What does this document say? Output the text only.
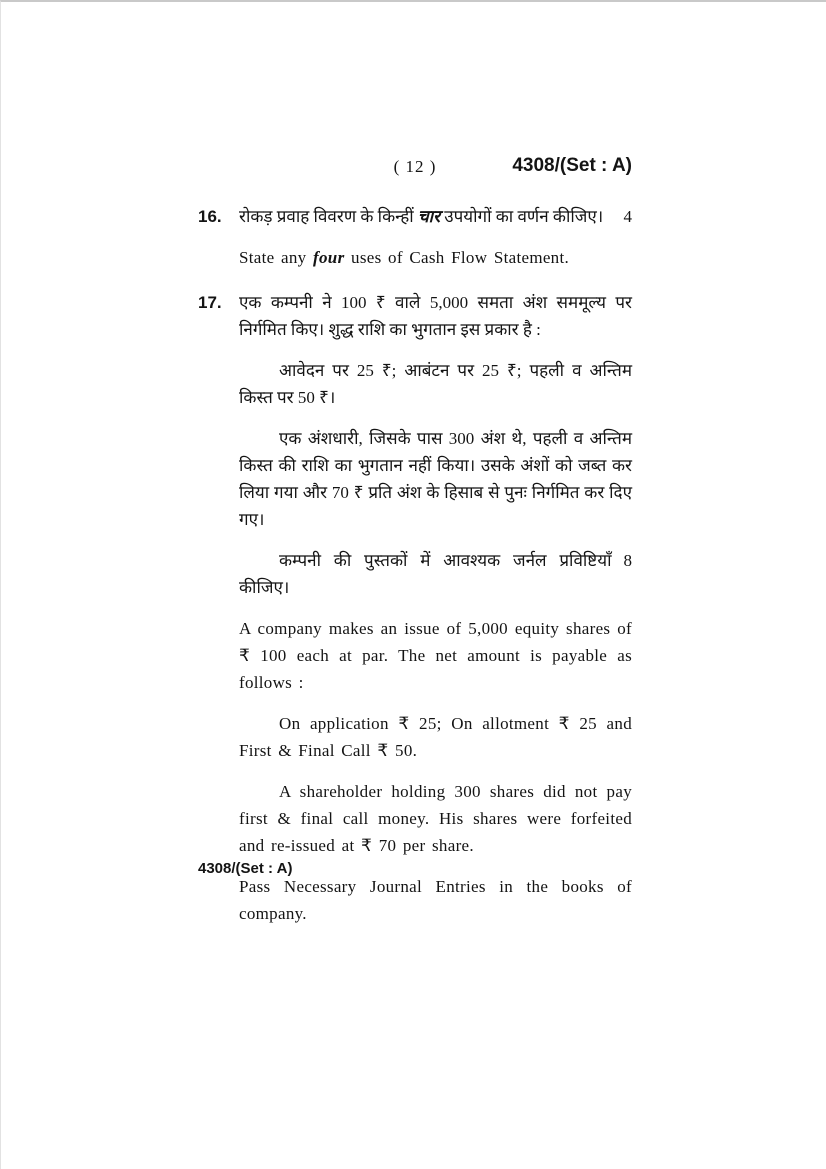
( 12 )	4308/(Set : A)
16.	4
रोकड़ प्रवाह विवरण के किन्हीं चार उपयोगों का वर्णन कीजिए।

State any four uses of Cash Flow Statement.

17.	एक कम्पनी ने 100 ₹ वाले 5,000 समता अंश सममूल्य पर निर्गमित किए। शुद्ध राशि का भुगतान इस प्रकार है :

आवेदन पर 25 ₹; आबंटन पर 25 ₹; पहली व अन्तिम किस्त पर 50 ₹।

एक अंशधारी, जिसके पास 300 अंश थे, पहली व अन्तिम किस्त की राशि का भुगतान नहीं किया। उसके अंशों को जब्त कर लिया गया और 70 ₹ प्रति अंश के हिसाब से पुनः निर्गमित कर दिए गए।

8
कम्पनी की पुस्तकों में आवश्यक जर्नल प्रविष्टियाँ कीजिए।

A company makes an issue of 5,000 equity shares of ₹ 100 each at par. The net amount is payable as follows :

On application ₹ 25; On allotment ₹ 25 and First & Final Call ₹ 50.

A shareholder holding 300 shares did not pay first & final call money. His shares were forfeited and re-issued at ₹ 70 per share.

Pass Necessary Journal Entries in the books of company.

4308/(Set : A)
